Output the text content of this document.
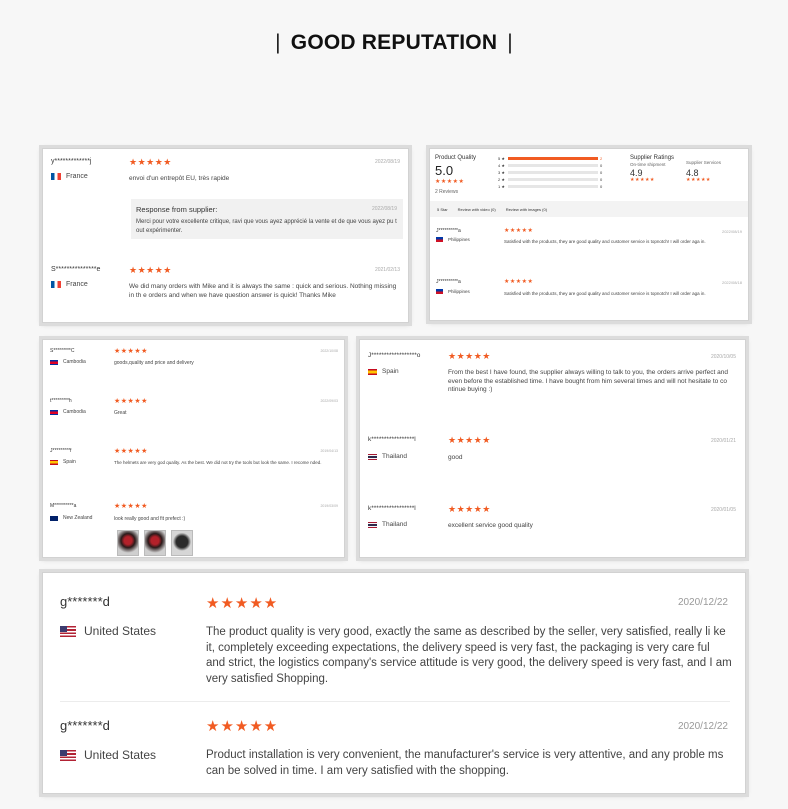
| GOOD REPUTATION |
y*************j
France
★★★★★	2022/08/19
envoi d'un entrepôt EU, très rapide
Response from supplier:	2022/08/19
Merci pour votre excellente critique, ravi que vous ayez apprécié la vente et de que vous ayez pu t out expérimenter.
S***************e
France
★★★★★	2021/02/13
We did many orders with Mike and it is always the same : quick and serious. Nothing missing in th e orders and when we have question answer is quick! Thanks Mike
Product Quality
5.0
★★★★★
2 Reviews
5 ★	2
4 ★	0
3 ★	0
2 ★	0
1 ★	0
Supplier Ratings
On-time shipment
4.9
★★★★★
Supplier Services
4.8
★★★★★
5 Star	Review with video (0)	Review with images (0)
J**********a
Philippines
★★★★★	2022/08/19
Satisfied with the products, they are good quality and customer service is topnotch! I will order aga in.
J**********a
Philippines
★★★★★	2022/08/18
Satisfied with the products, they are good quality and customer service is topnotch! I will order aga in.
S*********C
Cambodia
★★★★★	2022/10/08
goods,quality and price and delivery
t*********h
Cambodia
★★★★★	2022/09/03
Great
J*********f
Spain
★★★★★	2019/04/13
The helmets are very god quality. As the best. We did not try the tools but look the same. I recome nded.
M**********a
New Zealand
★★★★★	2019/03/09
look really good and fit prefect :)
J******************o
Spain
★★★★★	2020/10/05
From the best I have found, the supplier always willing to talk to you, the orders arrive perfect and even before the established time. I have bought from him several times and will not hesitate to co ntinue buying :)
k*****************l
Thailand
★★★★★	2020/01/21
good
k*****************l
Thailand
★★★★★	2020/01/05
excellent service good quality
g*******d
United States
★★★★★	2020/12/22
The product quality is very good, exactly the same as described by the seller, very satisfied, really li ke it, completely exceeding expectations, the delivery speed is very fast, the packaging is very care ful and strict, the logistics company's service attitude is very good, the delivery speed is very fast, and I am very satisfied Shopping.
g*******d
United States
★★★★★	2020/12/22
Product installation is very convenient, the manufacturer's service is very attentive, and any proble ms can be solved in time. I am very satisfied with the shopping.
